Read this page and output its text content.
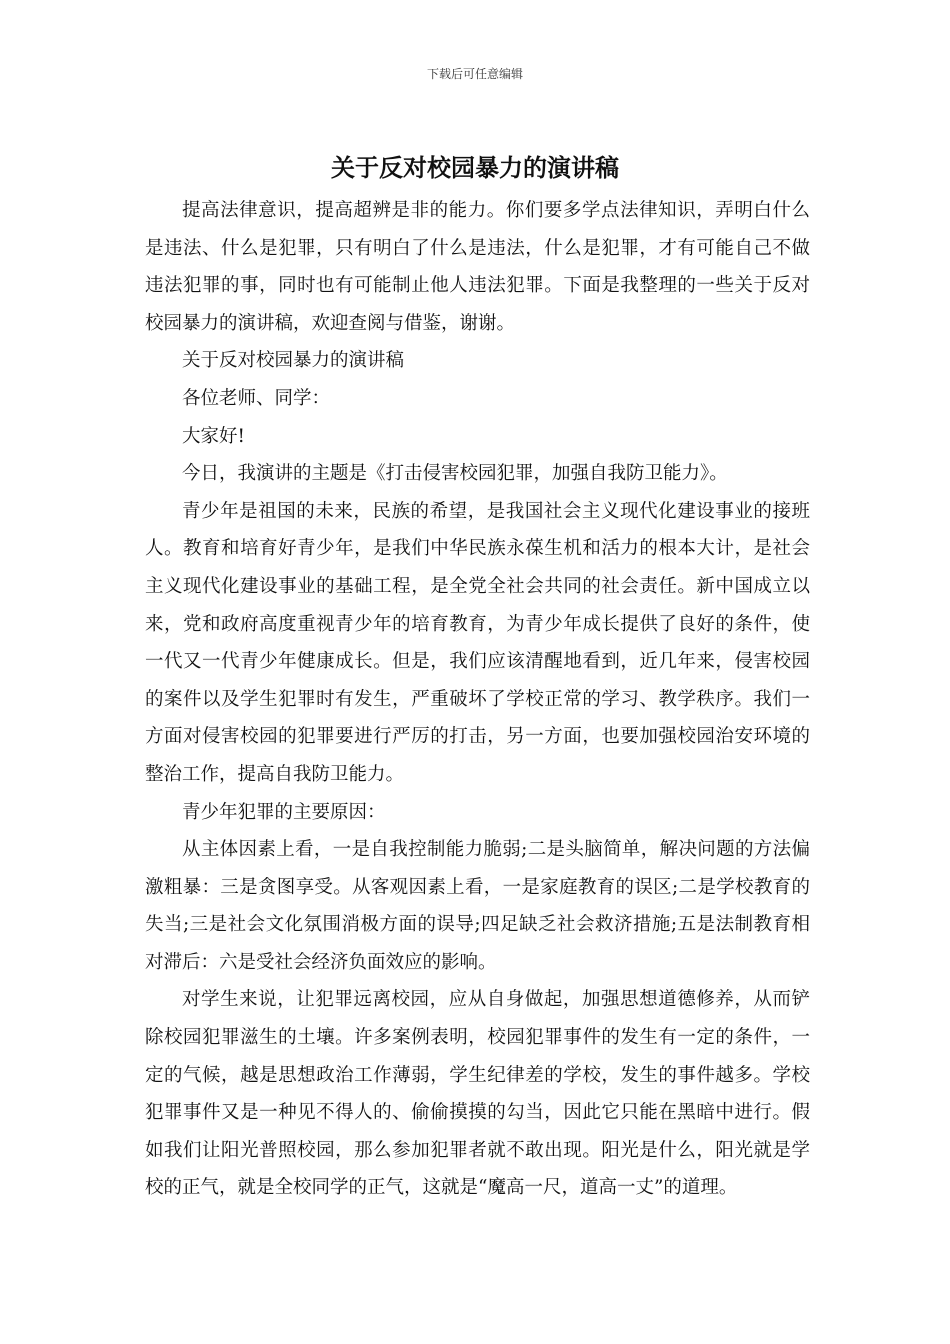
下载后可任意编辑
关于反对校园暴力的演讲稿

提高法律意识，提高超辨是非的能力。你们要多学点法律知识，弄明白什么是违法、什么是犯罪，只有明白了什么是违法，什么是犯罪，才有可能自己不做违法犯罪的事，同时也有可能制止他人违法犯罪。下面是我整理的一些关于反对校园暴力的演讲稿，欢迎查阅与借鉴，谢谢。

关于反对校园暴力的演讲稿

各位老师、同学：

大家好!

今日，我演讲的主题是《打击侵害校园犯罪，加强自我防卫能力》。

青少年是祖国的未来，民族的希望，是我国社会主义现代化建设事业的接班人。教育和培育好青少年，是我们中华民族永葆生机和活力的根本大计，是社会主义现代化建设事业的基础工程，是全党全社会共同的社会责任。新中国成立以来，党和政府高度重视青少年的培育教育，为青少年成长提供了良好的条件，使一代又一代青少年健康成长。但是，我们应该清醒地看到，近几年来，侵害校园的案件以及学生犯罪时有发生，严重破坏了学校正常的学习、教学秩序。我们一方面对侵害校园的犯罪要进行严厉的打击，另一方面，也要加强校园治安环境的整治工作，提高自我防卫能力。

青少年犯罪的主要原因：

从主体因素上看，一是自我控制能力脆弱;二是头脑简单，解决问题的方法偏激粗暴：三是贪图享受。从客观因素上看，一是家庭教育的误区;二是学校教育的失当;三是社会文化氛围消极方面的误导;四足缺乏社会救济措施;五是法制教育相对滞后：六是受社会经济负面效应的影响。

对学生来说，让犯罪远离校园，应从自身做起，加强思想道德修养，从而铲除校园犯罪滋生的土壤。许多案例表明，校园犯罪事件的发生有一定的条件，一定的气候，越是思想政治工作薄弱，学生纪律差的学校，发生的事件越多。学校犯罪事件又是一种见不得人的、偷偷摸摸的勾当，因此它只能在黑暗中进行。假如我们让阳光普照校园，那么参加犯罪者就不敢出现。阳光是什么，阳光就是学校的正气，就是全校同学的正气，这就是“魔高一尺，道高一丈”的道理。
